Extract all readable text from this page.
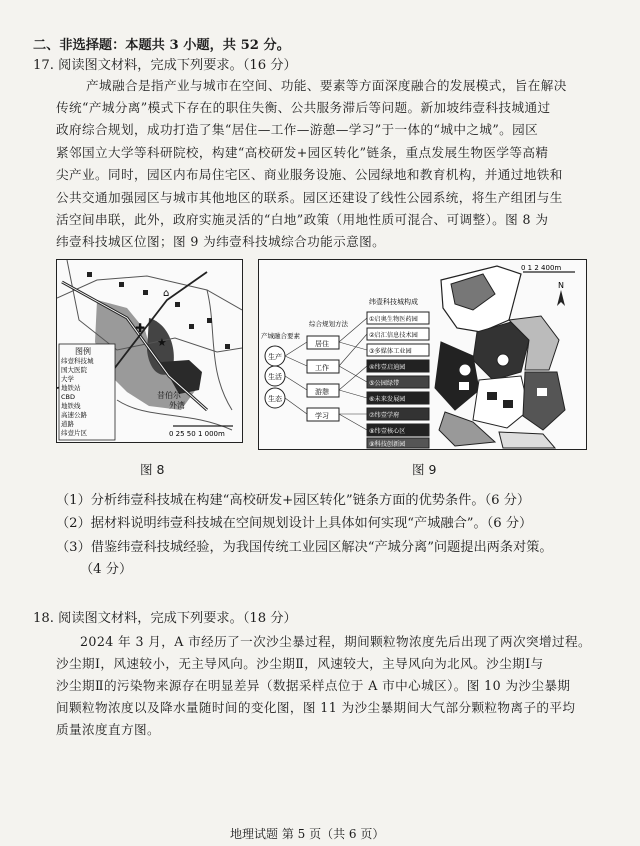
二、非选择题：本题共 3 小题，共 52 分。
17. 阅读图文材料，完成下列要求。（16 分）
产城融合是指产业与城市在空间、功能、要素等方面深度融合的发展模式，旨在解决
传统“产城分离”模式下存在的职住失衡、公共服务滞后等问题。新加坡纬壹科技城通过
政府综合规划，成功打造了集“居住—工作—游憩—学习”于一体的“城中之城”。园区
紧邻国立大学等科研院校，构建“高校研发+园区转化”链条，重点发展生物医学等高精
尖产业。同时，园区内布局住宅区、商业服务设施、公园绿地和教育机构，并通过地铁和
公共交通加强园区与城市其他地区的联系。园区还建设了线性公园系统，将生产组团与生
活空间串联，此外，政府实施灵活的“白地”政策（用地性质可混合、可调整）。图 8 为
纬壹科技城区位图；图 9 为纬壹科技城综合功能示意图。
✚
★
⌂
图例
纬壹科技城
国大医院
大学
地铁站
CBD
地铁线
高速公路
道路
纬壹片区
昔伯尔
外湾
0 25 50 1 000m
图 8
纬壹科技城构成
产城融合要素
综合规划方法
生产
生活
生态
居住
工作
游憩
学习
①启奥生物医药园
②启汇信息技术园
③多媒体工业园
④纬壹启迪园
⑤公园绿带
⑥未来发展园
⑦纬壹学府
⑧纬壹核心区
⑨科技创新园
0 1 2 400m
N
图 9
（1）分析纬壹科技城在构建“高校研发+园区转化”链条方面的优势条件。（6 分）
（2）据材料说明纬壹科技城在空间规划设计上具体如何实现“产城融合”。（6 分）
（3）借鉴纬壹科技城经验，为我国传统工业园区解决“产城分离”问题提出两条对策。
（4 分）
18. 阅读图文材料，完成下列要求。（18 分）
2024 年 3 月，A 市经历了一次沙尘暴过程，期间颗粒物浓度先后出现了两次突增过程。
沙尘期Ⅰ，风速较小，无主导风向。沙尘期Ⅱ，风速较大，主导风向为北风。沙尘期Ⅰ与
沙尘期Ⅱ的污染物来源存在明显差异（数据采样点位于 A 市中心城区）。图 10 为沙尘暴期
间颗粒物浓度以及降水量随时间的变化图，图 11 为沙尘暴期间大气部分颗粒物离子的平均
质量浓度直方图。
地理试题 第 5 页（共 6 页）
